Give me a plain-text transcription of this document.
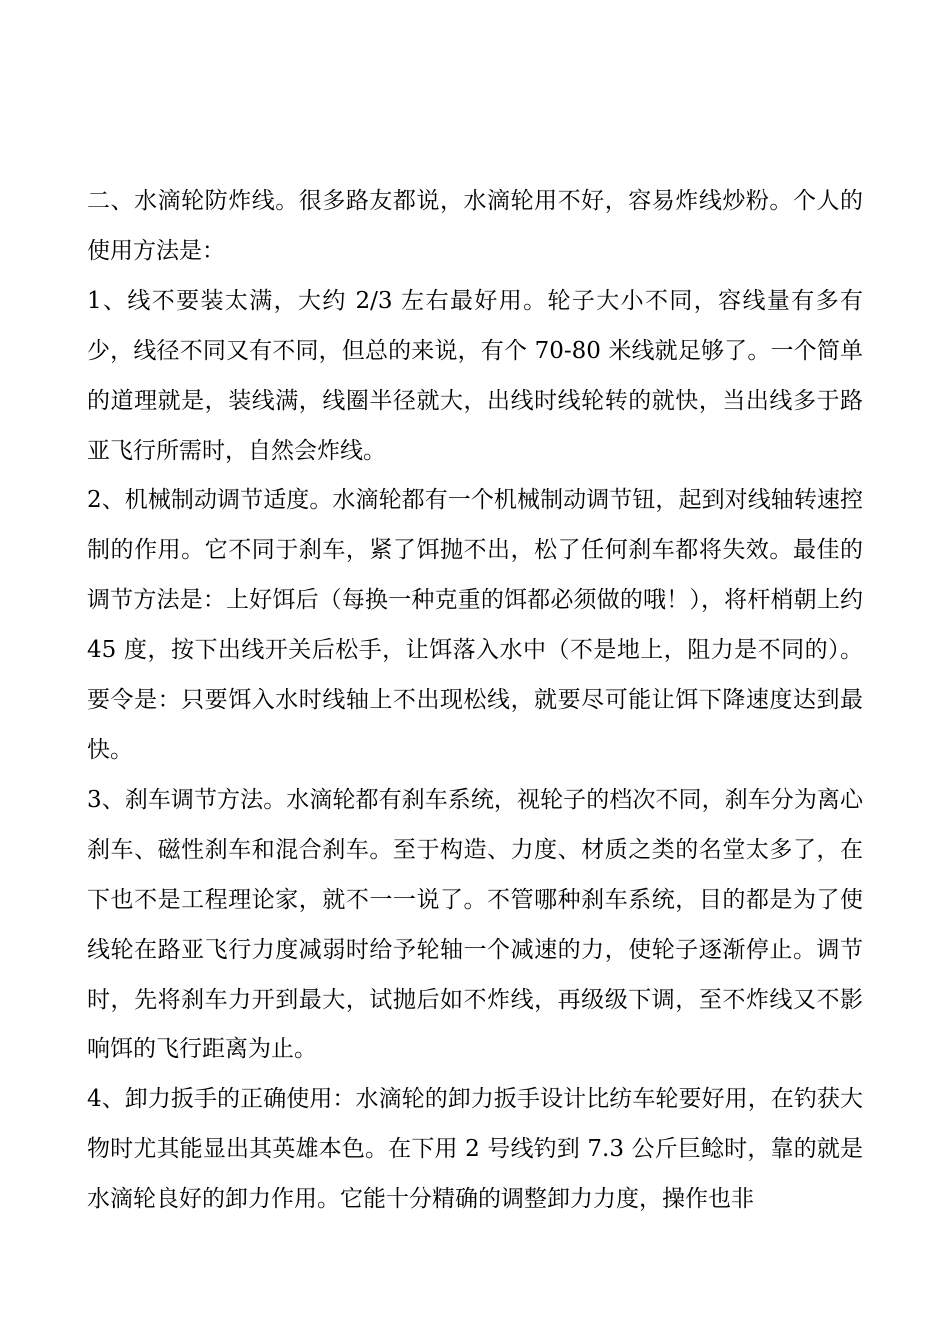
二、水滴轮防炸线。很多路友都说，水滴轮用不好，容易炸线炒粉。个人的使用方法是：

1、线不要装太满，大约 2/3 左右最好用。轮子大小不同，容线量有多有少，线径不同又有不同，但总的来说，有个 70-80 米线就足够了。一个简单的道理就是，装线满，线圈半径就大，出线时线轮转的就快，当出线多于路亚飞行所需时，自然会炸线。

2、机械制动调节适度。水滴轮都有一个机械制动调节钮，起到对线轴转速控制的作用。它不同于刹车，紧了饵抛不出，松了任何刹车都将失效。最佳的调节方法是：上好饵后（每换一种克重的饵都必须做的哦！），将杆梢朝上约 45 度，按下出线开关后松手，让饵落入水中（不是地上，阻力是不同的）。要令是：只要饵入水时线轴上不出现松线，就要尽可能让饵下降速度达到最快。

3、刹车调节方法。水滴轮都有刹车系统，视轮子的档次不同，刹车分为离心刹车、磁性刹车和混合刹车。至于构造、力度、材质之类的名堂太多了，在下也不是工程理论家，就不一一说了。不管哪种刹车系统，目的都是为了使线轮在路亚飞行力度减弱时给予轮轴一个减速的力，使轮子逐渐停止。调节时，先将刹车力开到最大，试抛后如不炸线，再级级下调，至不炸线又不影响饵的飞行距离为止。

4、卸力扳手的正确使用：水滴轮的卸力扳手设计比纺车轮要好用，在钓获大物时尤其能显出其英雄本色。在下用 2 号线钓到 7.3 公斤巨鲶时，靠的就是水滴轮良好的卸力作用。它能十分精确的调整卸力力度，操作也非
